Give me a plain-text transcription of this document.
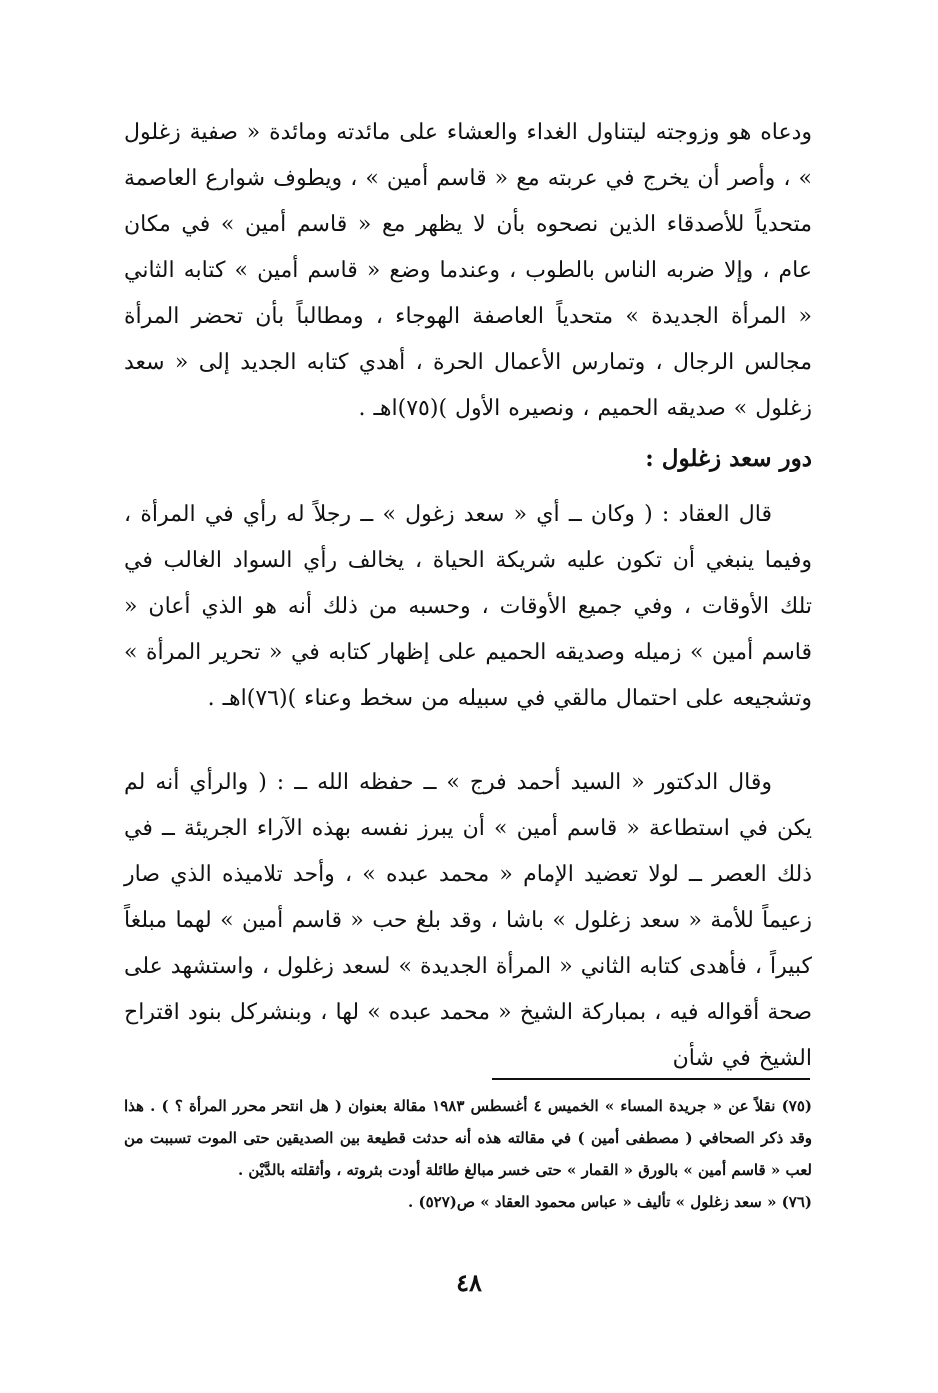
ودعاه هو وزوجته ليتناول الغداء والعشاء على مائدته ومائدة « صفية زغلول » ، وأصر أن يخرج في عربته مع « قاسم أمين » ، ويطوف شوارع العاصمة متحدياً للأصدقاء الذين نصحوه بأن لا يظهر مع « قاسم أمين » في مكان عام ، وإلا ضربه الناس بالطوب ، وعندما وضع « قاسم أمين » كتابه الثاني « المرأة الجديدة » متحدياً العاصفة الهوجاء ، ومطالباً بأن تحضر المرأة مجالس الرجال ، وتمارس الأعمال الحرة ، أهدي كتابه الجديد إلى « سعد زغلول » صديقه الحميم ، ونصيره الأول )(٧٥)اهـ .

دور سعد زغلول :

قال العقاد : ( وكان ــ أي « سعد زغول » ــ رجلاً له رأي في المرأة ، وفيما ينبغي أن تكون عليه شريكة الحياة ، يخالف رأي السواد الغالب في تلك الأوقات ، وفي جميع الأوقات ، وحسبه من ذلك أنه هو الذي أعان « قاسم أمين » زميله وصديقه الحميم على إظهار كتابه في « تحرير المرأة » وتشجيعه على احتمال مالقي في سبيله من سخط وعناء )(٧٦)اهـ .

وقال الدكتور « السيد أحمد فرج » ــ حفظه الله ــ : ( والرأي أنه لم يكن في استطاعة « قاسم أمين » أن يبرز نفسه بهذه الآراء الجريئة ــ في ذلك العصر ــ لولا تعضيد الإمام « محمد عبده » ، وأحد تلاميذه الذي صار زعيماً للأمة « سعد زغلول » باشا ، وقد بلغ حب « قاسم أمين » لهما مبلغاً كبيراً ، فأهدى كتابه الثاني « المرأة الجديدة » لسعد زغلول ، واستشهد على صحة أقواله فيه ، بمباركة الشيخ « محمد عبده » لها ، وبنشركل بنود اقتراح الشيخ في شأن

(٧٥) نقلاً عن « جريدة المساء » الخميس ٤ أغسطس ١٩٨٣ مقالة بعنوان ( هل انتحر محرر المرأة ؟ ) . هذا وقد ذكر الصحافي ( مصطفى أمين ) في مقالته هذه أنه حدثت قطيعة بين الصديقين حتى الموت تسببت من لعب « قاسم أمين » بالورق « القمار » حتى خسر مبالغ طائلة أودت بثروته ، وأثقلته بالدَّيْن .

(٧٦) « سعد زغلول » تأليف « عباس محمود العقاد » ص(٥٢٧) .

٤٨
